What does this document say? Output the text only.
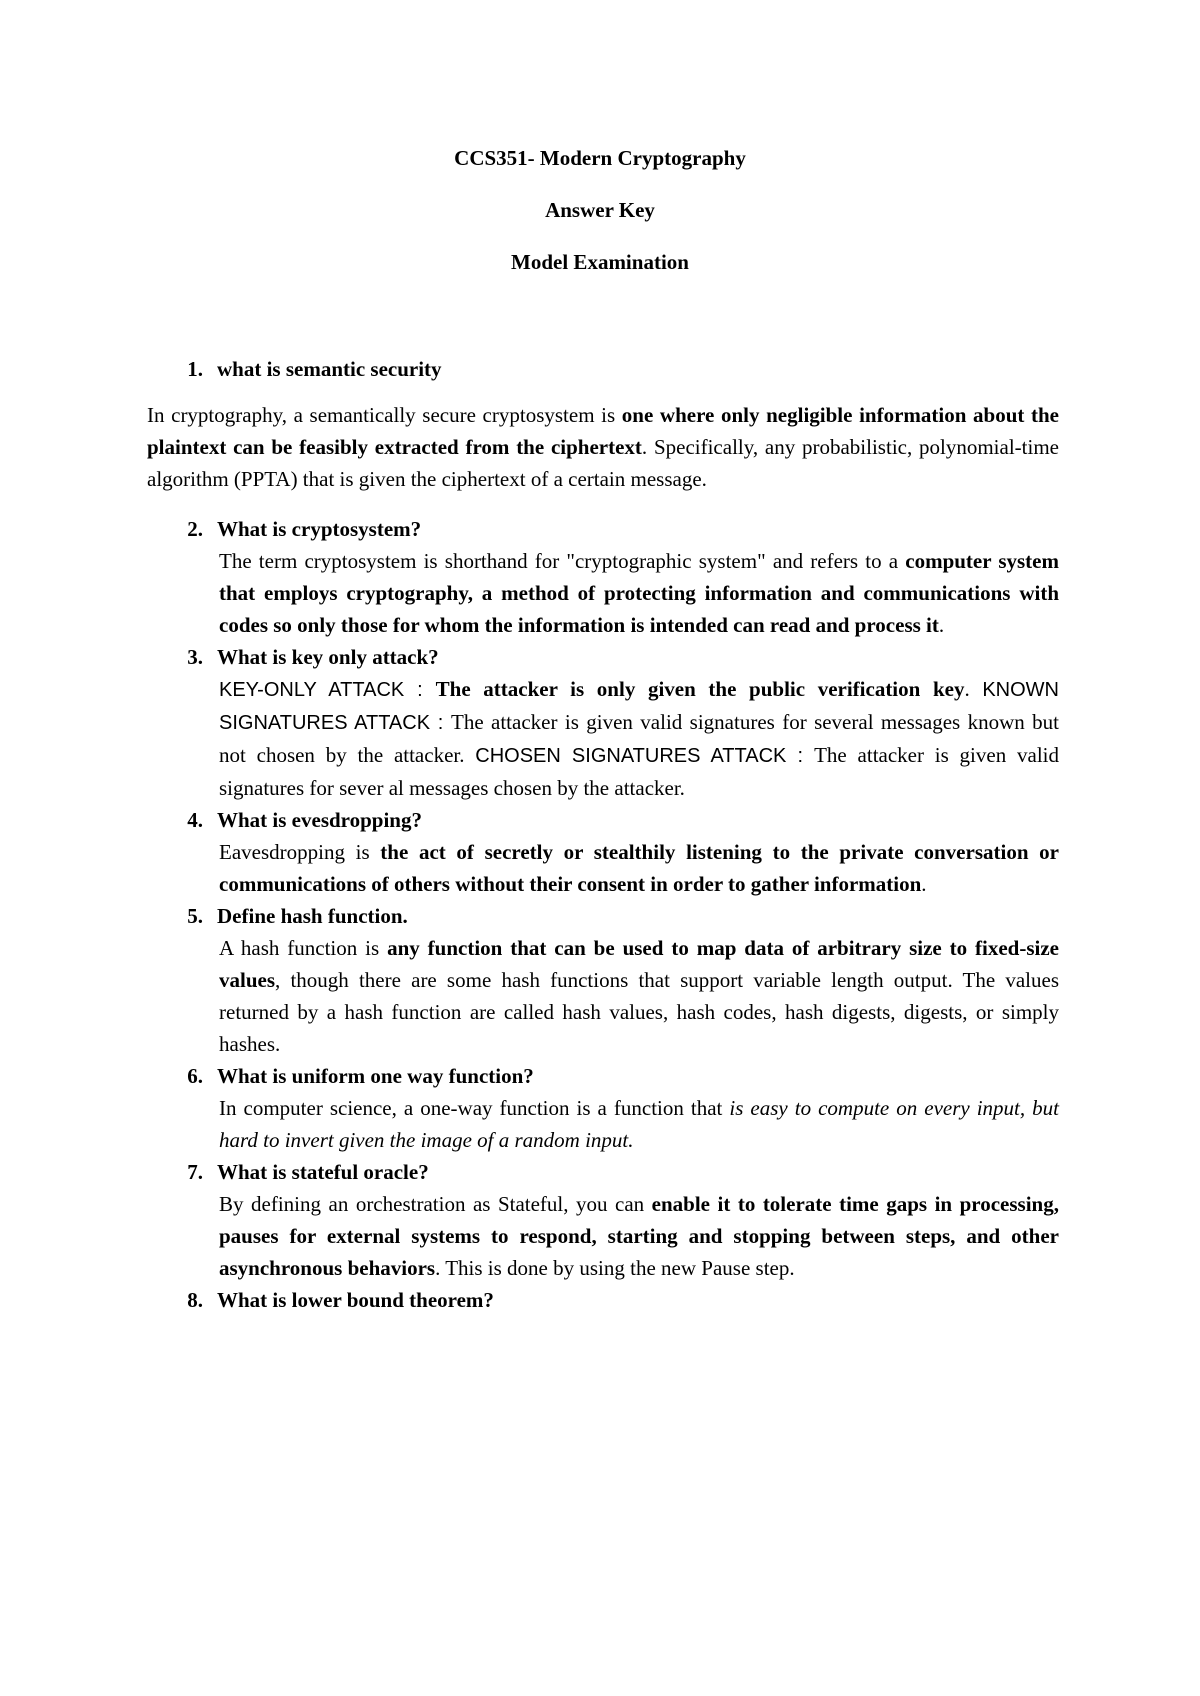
CCS351- Modern Cryptography
Answer Key
Model Examination
1. what is semantic security

In cryptography, a semantically secure cryptosystem is one where only negligible information about the plaintext can be feasibly extracted from the ciphertext. Specifically, any probabilistic, polynomial-time algorithm (PPTA) that is given the ciphertext of a certain message.

2. What is cryptosystem?

The term cryptosystem is shorthand for "cryptographic system" and refers to a computer system that employs cryptography, a method of protecting information and communications with codes so only those for whom the information is intended can read and process it.

3. What is key only attack?

KEY-ONLY ATTACK : The attacker is only given the public verification key. KNOWN SIGNATURES ATTACK : The attacker is given valid signatures for several messages known but not chosen by the attacker. CHOSEN SIGNATURES ATTACK : The attacker is given valid signatures for sever al messages chosen by the attacker.

4. What is evesdropping?

Eavesdropping is the act of secretly or stealthily listening to the private conversation or communications of others without their consent in order to gather information.

5. Define hash function.

A hash function is any function that can be used to map data of arbitrary size to fixed-size values, though there are some hash functions that support variable length output. The values returned by a hash function are called hash values, hash codes, hash digests, digests, or simply hashes.

6. What is uniform one way function?

In computer science, a one-way function is a function that is easy to compute on every input, but hard to invert given the image of a random input.

7. What is stateful oracle?

By defining an orchestration as Stateful, you can enable it to tolerate time gaps in processing, pauses for external systems to respond, starting and stopping between steps, and other asynchronous behaviors. This is done by using the new Pause step.

8. What is lower bound theorem?
